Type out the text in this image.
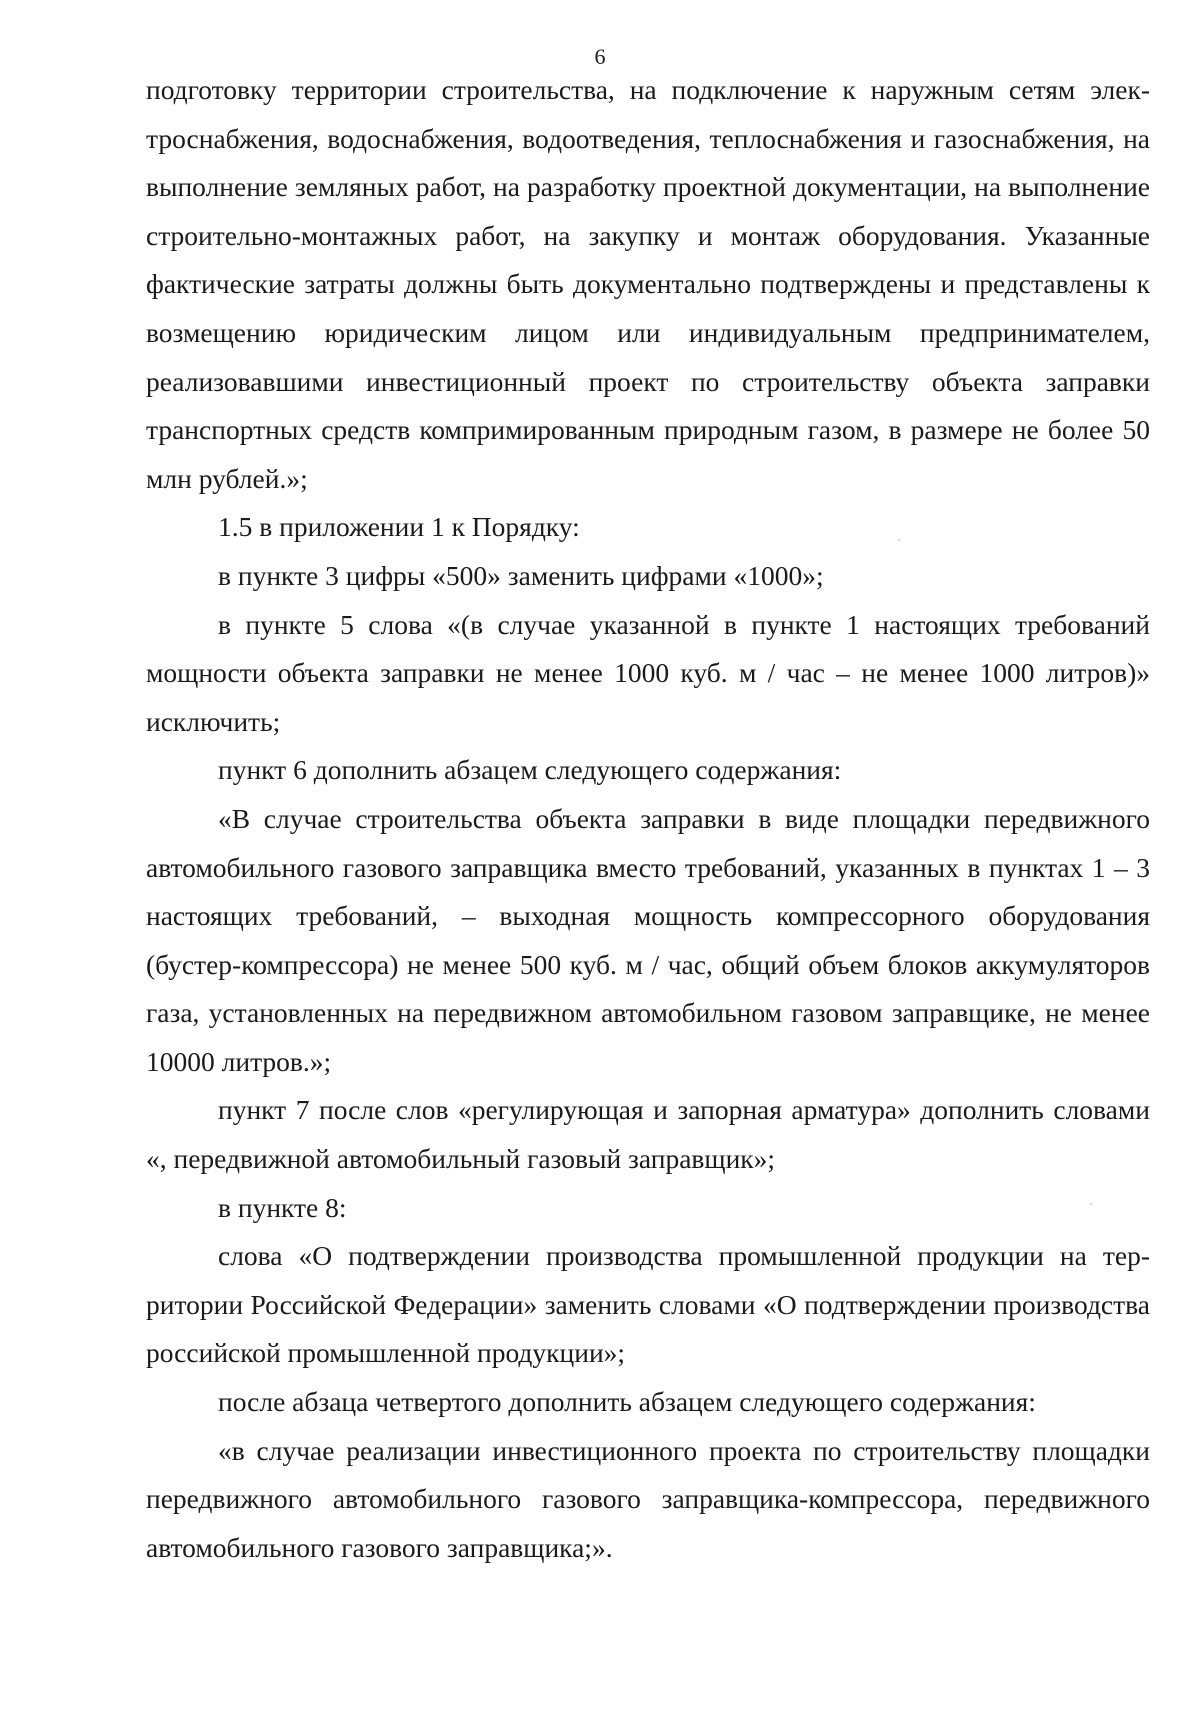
6

подготовку территории строительства, на подключение к наружным сетям электроснабжения, водоснабжения, водоотведения, теплоснабжения и газоснабжения, на выполнение земляных работ, на разработку проектной документации, на выполнение строительно-монтажных работ, на закупку и монтаж оборудования. Указанные фактические затраты должны быть документально подтверждены и представлены к возмещению юридическим лицом или индивидуальным предпринимателем, реализовавшими инвестиционный проект по строительству объекта заправки транспортных средств компримированным природным газом, в размере не более 50 млн рублей.»;

1.5 в приложении 1 к Порядку:

в пункте 3 цифры «500» заменить цифрами «1000»;

в пункте 5 слова «(в случае указанной в пункте 1 настоящих требований мощности объекта заправки не менее 1000 куб. м / час – не менее 1000 литров)» исключить;

пункт 6 дополнить абзацем следующего содержания:

«В случае строительства объекта заправки в виде площадки передвижного автомобильного газового заправщика вместо требований, указанных в пунктах 1 – 3 настоящих требований, – выходная мощность компрессорного оборудования (бустер-компрессора) не менее 500 куб. м / час, общий объем блоков аккумуляторов газа, установленных на передвижном автомобильном газовом заправщике, не менее 10000 литров.»;

пункт 7 после слов «регулирующая и запорная арматура» дополнить словами «, передвижной автомобильный газовый заправщик»;

в пункте 8:

слова «О подтверждении производства промышленной продукции на территории Российской Федерации» заменить словами «О подтверждении производства российской промышленной продукции»;

после абзаца четвертого дополнить абзацем следующего содержания:

«в случае реализации инвестиционного проекта по строительству площадки передвижного автомобильного газового заправщика-компрессора, передвижного автомобильного газового заправщика;».
